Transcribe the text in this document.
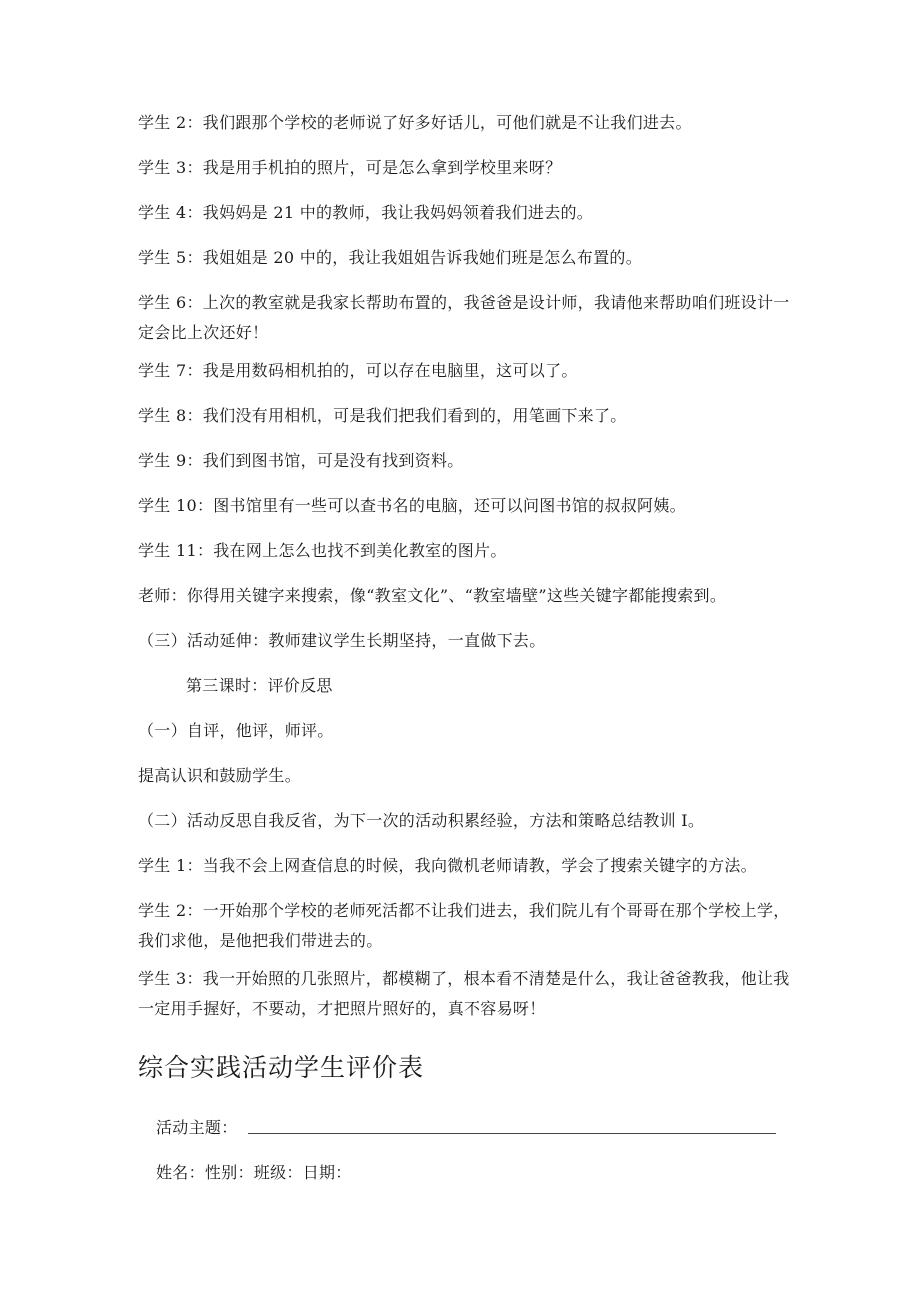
学生 2：我们跟那个学校的老师说了好多好话儿，可他们就是不让我们进去。
学生 3：我是用手机拍的照片，可是怎么拿到学校里来呀？
学生 4：我妈妈是 21 中的教师，我让我妈妈领着我们进去的。
学生 5：我姐姐是 20 中的，我让我姐姐告诉我她们班是怎么布置的。
学生 6：上次的教室就是我家长帮助布置的，我爸爸是设计师，我请他来帮助咱们班设计一定会比上次还好！
学生 7：我是用数码相机拍的，可以存在电脑里，这可以了。
学生 8：我们没有用相机，可是我们把我们看到的，用笔画下来了。
学生 9：我们到图书馆，可是没有找到资料。
学生 10：图书馆里有一些可以查书名的电脑，还可以问图书馆的叔叔阿姨。
学生 11：我在网上怎么也找不到美化教室的图片。
老师：你得用关键字来搜索，像“教室文化”、“教室墙壁”这些关键字都能搜索到。
（三）活动延伸：教师建议学生长期坚持，一直做下去。
第三课时：评价反思
（一）自评，他评，师评。
提高认识和鼓励学生。
（二）活动反思自我反省，为下一次的活动积累经验，方法和策略总结教训 I。
学生 1：当我不会上网查信息的时候，我向微机老师请教，学会了搜索关键字的方法。
学生 2：一开始那个学校的老师死活都不让我们进去，我们院儿有个哥哥在那个学校上学，我们求他，是他把我们带进去的。
学生 3：我一开始照的几张照片，都模糊了，根本看不清楚是什么，我让爸爸教我，他让我一定用手握好，不要动，才把照片照好的，真不容易呀！
综合实践活动学生评价表
活动主题：
姓名：性别：班级：日期：
